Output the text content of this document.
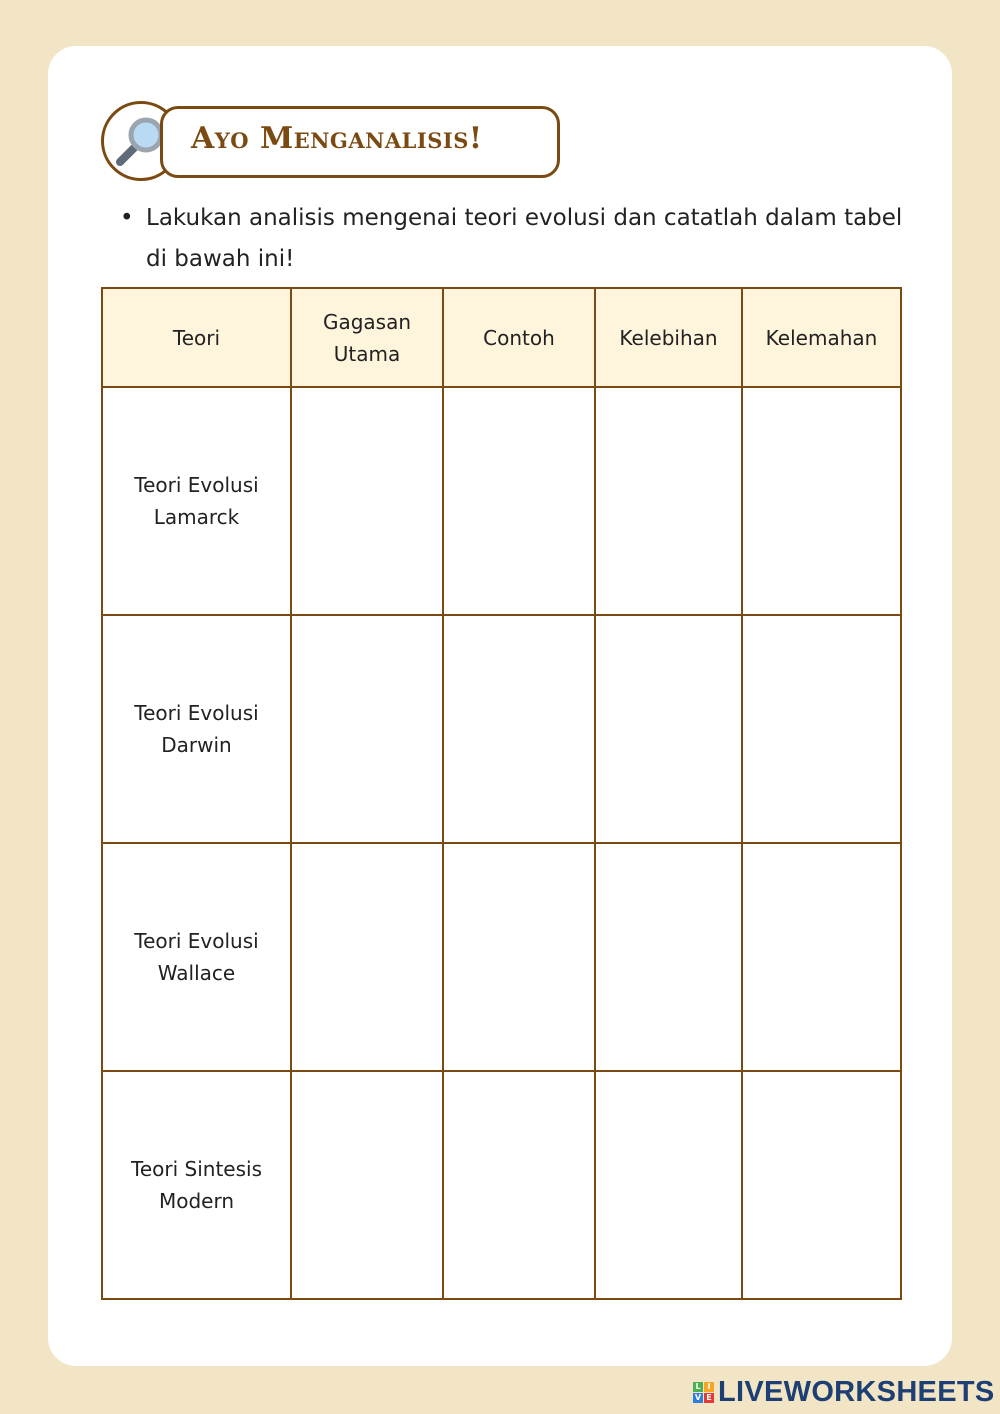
Ayo Menganalisis!
• Lakukan analisis mengenai teori evolusi dan catatlah dalam tabel di bawah ini!
Teori	Gagasan Utama	Contoh	Kelebihan	Kelemahan
Teori Evolusi Lamarck				
Teori Evolusi Darwin				
Teori Evolusi Wallace				
Teori Sintesis Modern				
L I
V E LIVEWORKSHEETS
